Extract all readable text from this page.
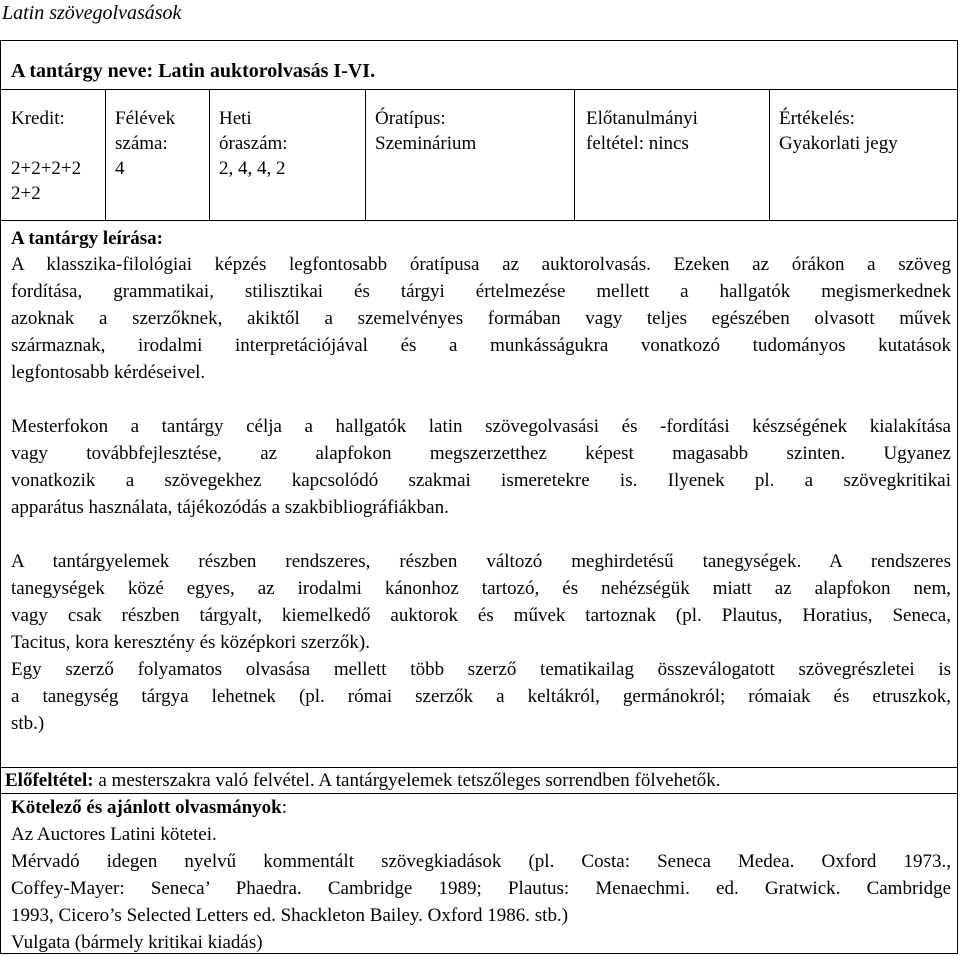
Latin szövegolvasások
A tantárgy neve: Latin auktorolvasás I-VI.
Kredit:
2+2+2+2
2+2
Félévek
száma:
4
Heti
óraszám:
2, 4, 4, 2
Óratípus:
Szeminárium
Előtanulmányi
feltétel: nincs
Értékelés:
Gyakorlati jegy
A tantárgy leírása:
A klasszika-filológiai képzés legfontosabb óratípusa az auktorolvasás. Ezeken az órákon a szöveg
fordítása, grammatikai, stilisztikai és tárgyi értelmezése mellett a hallgatók megismerkednek
azoknak a szerzőknek, akiktől a szemelvényes formában vagy teljes egészében olvasott művek
származnak, irodalmi interpretációjával és a munkásságukra vonatkozó tudományos kutatások
legfontosabb kérdéseivel.
Mesterfokon a tantárgy célja a hallgatók latin szövegolvasási és -fordítási készségének kialakítása
vagy továbbfejlesztése, az alapfokon megszerzetthez képest magasabb szinten. Ugyanez
vonatkozik a szövegekhez kapcsolódó szakmai ismeretekre is. Ilyenek pl. a szövegkritikai
apparátus használata, tájékozódás a szakbibliográfiákban.
A tantárgyelemek részben rendszeres, részben változó meghirdetésű tanegységek. A rendszeres
tanegységek közé egyes, az irodalmi kánonhoz tartozó, és nehézségük miatt az alapfokon nem,
vagy csak részben tárgyalt, kiemelkedő auktorok és művek tartoznak (pl. Plautus, Horatius, Seneca,
Tacitus, kora keresztény és középkori szerzők).
Egy szerző folyamatos olvasása mellett több szerző tematikailag összeválogatott szövegrészletei is
a tanegység tárgya lehetnek (pl. római szerzők a keltákról, germánokról; rómaiak és etruszkok,
stb.)
Előfeltétel: a mesterszakra való felvétel. A tantárgyelemek tetszőleges sorrendben fölvehetők.
Kötelező és ajánlott olvasmányok:
Az Auctores Latini kötetei.
Mérvadó idegen nyelvű kommentált szövegkiadások (pl. Costa: Seneca Medea. Oxford 1973.,
Coffey-Mayer: Seneca’ Phaedra. Cambridge 1989; Plautus: Menaechmi. ed. Gratwick. Cambridge
1993, Cicero’s Selected Letters ed. Shackleton Bailey. Oxford 1986. stb.)
Vulgata (bármely kritikai kiadás)
